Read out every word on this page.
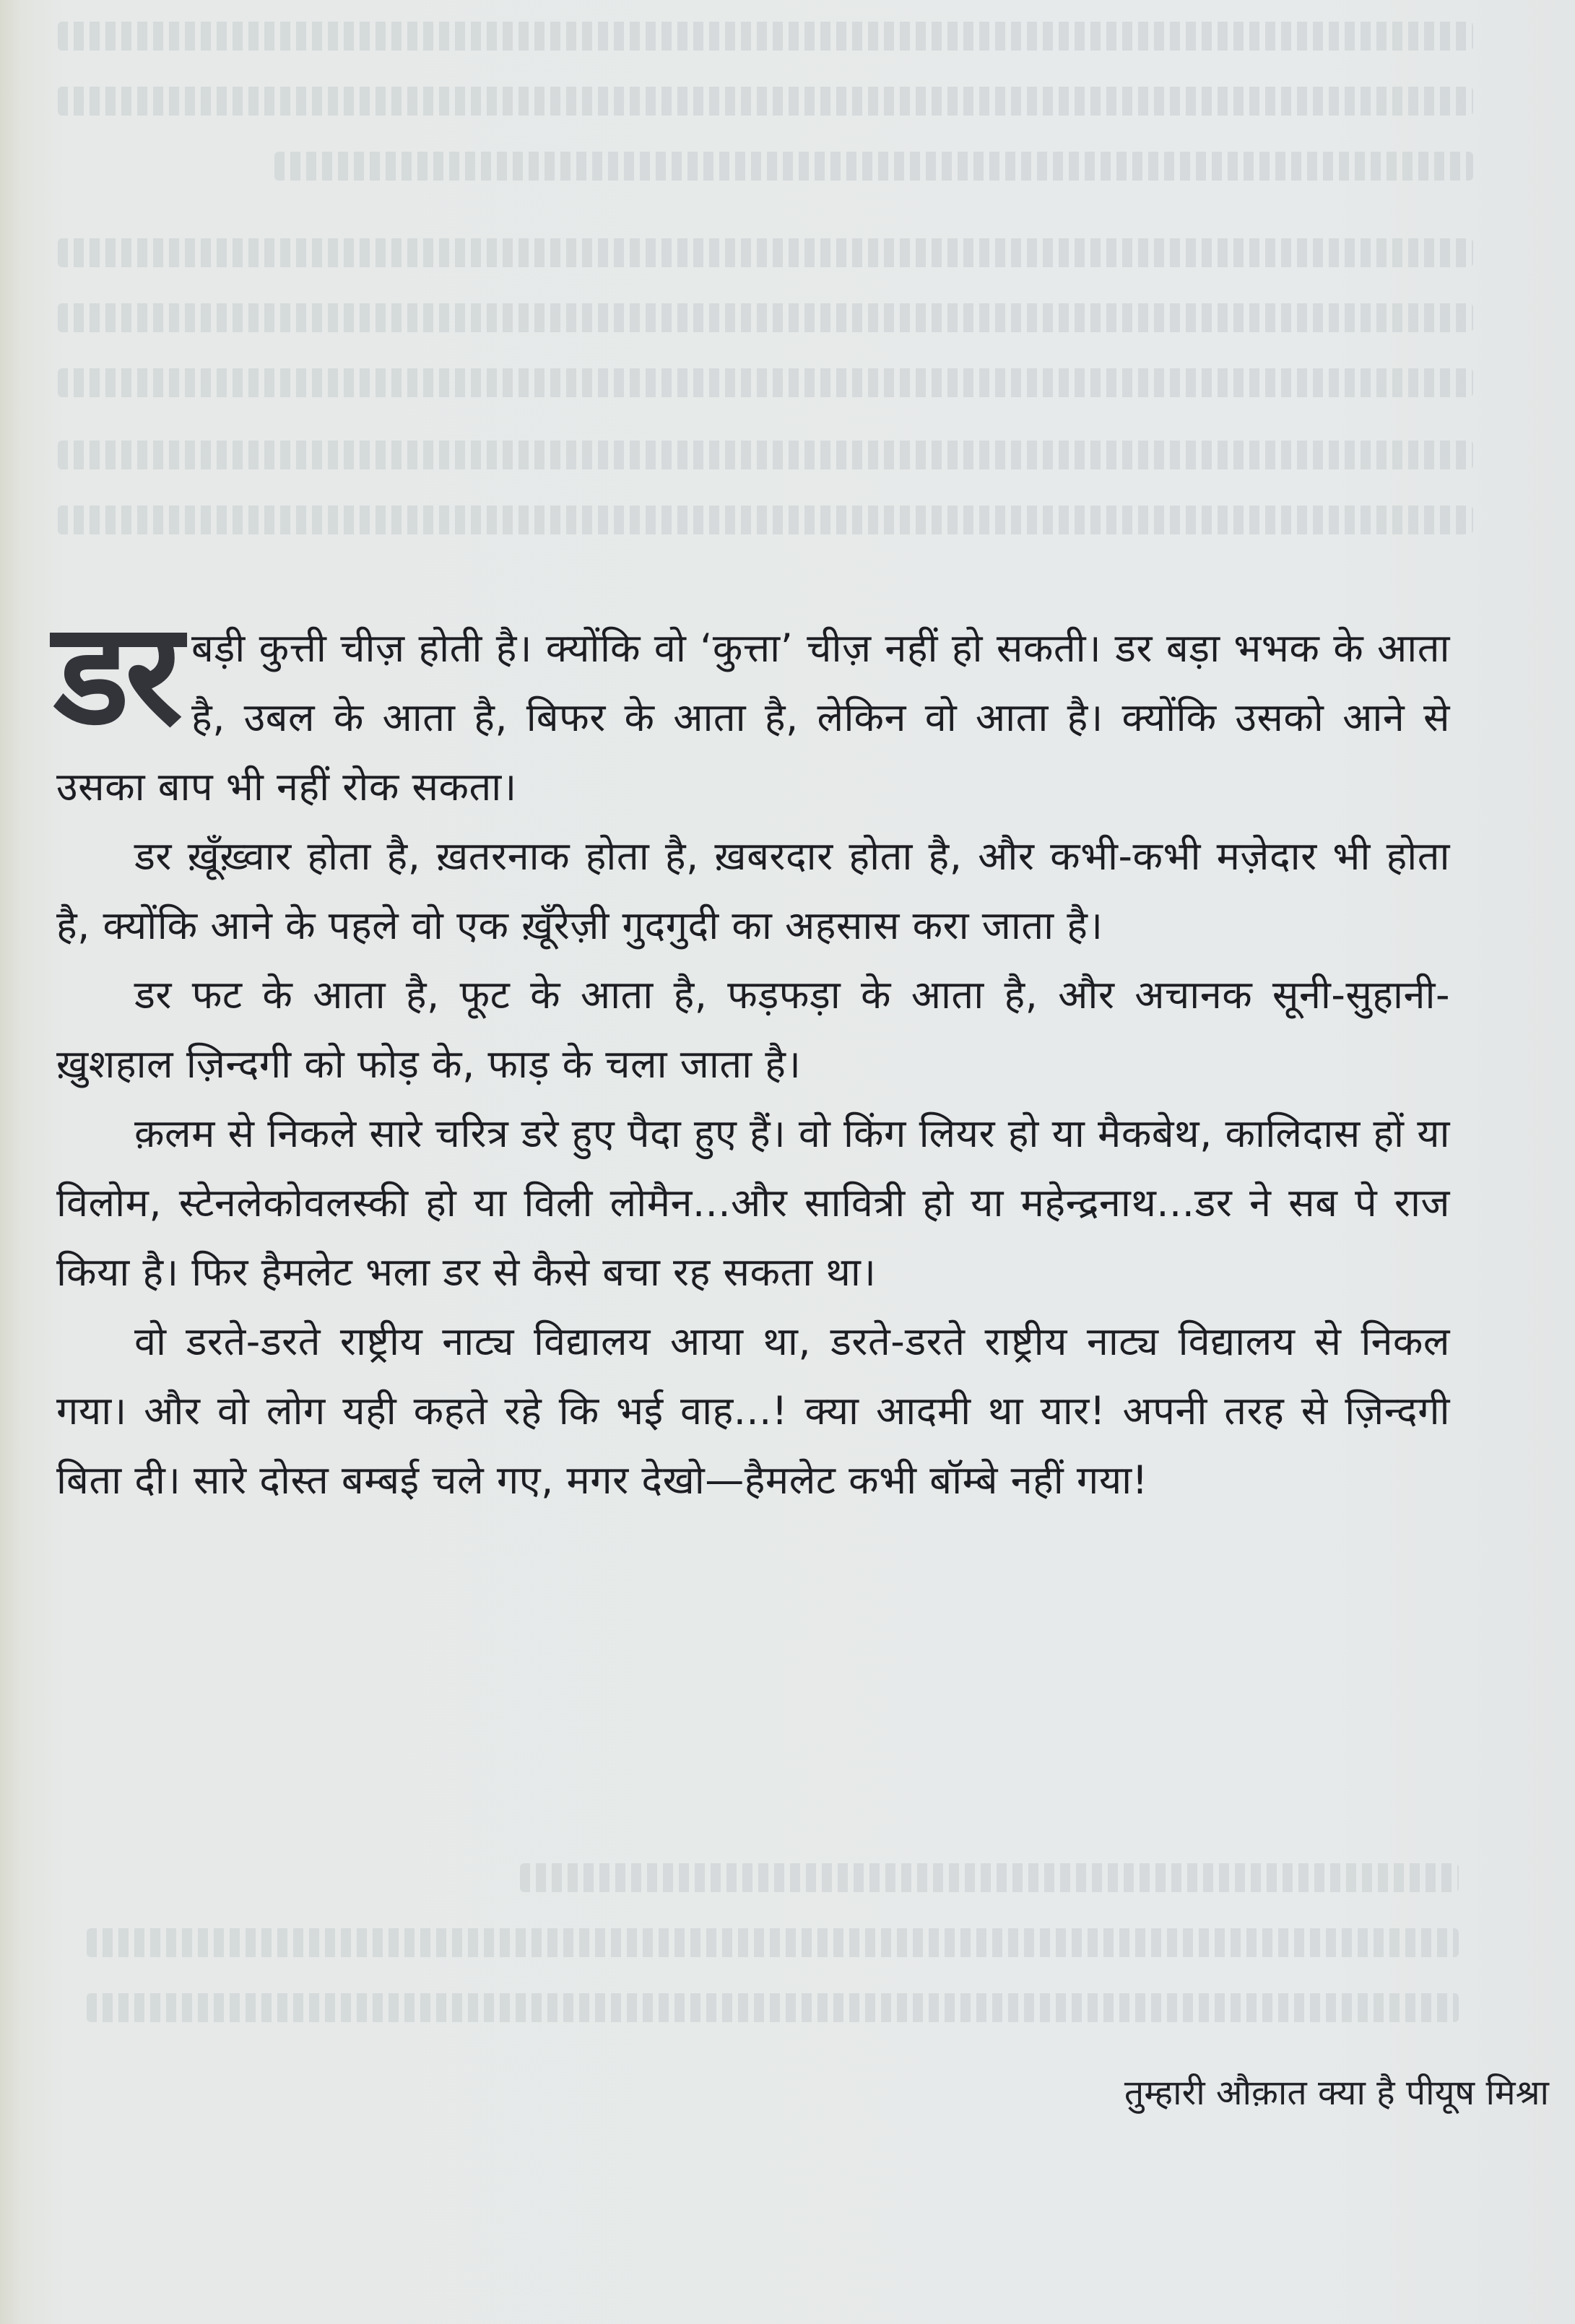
डर बड़ी कुत्ती चीज़ होती है। क्योंकि वो ‘कुत्ता’ चीज़ नहीं हो सकती। डर बड़ा भभक के आता है, उबल के आता है, बिफर के आता है, लेकिन वो आता है। क्योंकि उसको आने से उसका बाप भी नहीं रोक सकता।

डर ख़ूँख़्वार होता है, ख़तरनाक होता है, ख़बरदार होता है, और कभी-कभी मज़ेदार भी होता है, क्योंकि आने के पहले वो एक ख़ूँरेज़ी गुदगुदी का अहसास करा जाता है।

डर फट के आता है, फूट के आता है, फड़फड़ा के आता है, और अचानक सूनी-सुहानी-ख़ुशहाल ज़िन्दगी को फोड़ के, फाड़ के चला जाता है।

क़लम से निकले सारे चरित्र डरे हुए पैदा हुए हैं। वो किंग लियर हो या मैकबेथ, कालिदास हों या विलोम, स्टेनलेकोवलस्की हो या विली लोमैन...और सावित्री हो या महेन्द्रनाथ...डर ने सब पे राज किया है। फिर हैमलेट भला डर से कैसे बचा रह सकता था।

वो डरते-डरते राष्ट्रीय नाट्य विद्यालय आया था, डरते-डरते राष्ट्रीय नाट्य विद्यालय से निकल गया। और वो लोग यही कहते रहे कि भई वाह...! क्या आदमी था यार! अपनी तरह से ज़िन्दगी बिता दी। सारे दोस्त बम्बई चले गए, मगर देखो—हैमलेट कभी बॉम्बे नहीं गया!

तुम्हारी औक़ात क्या है पीयूष मिश्रा
